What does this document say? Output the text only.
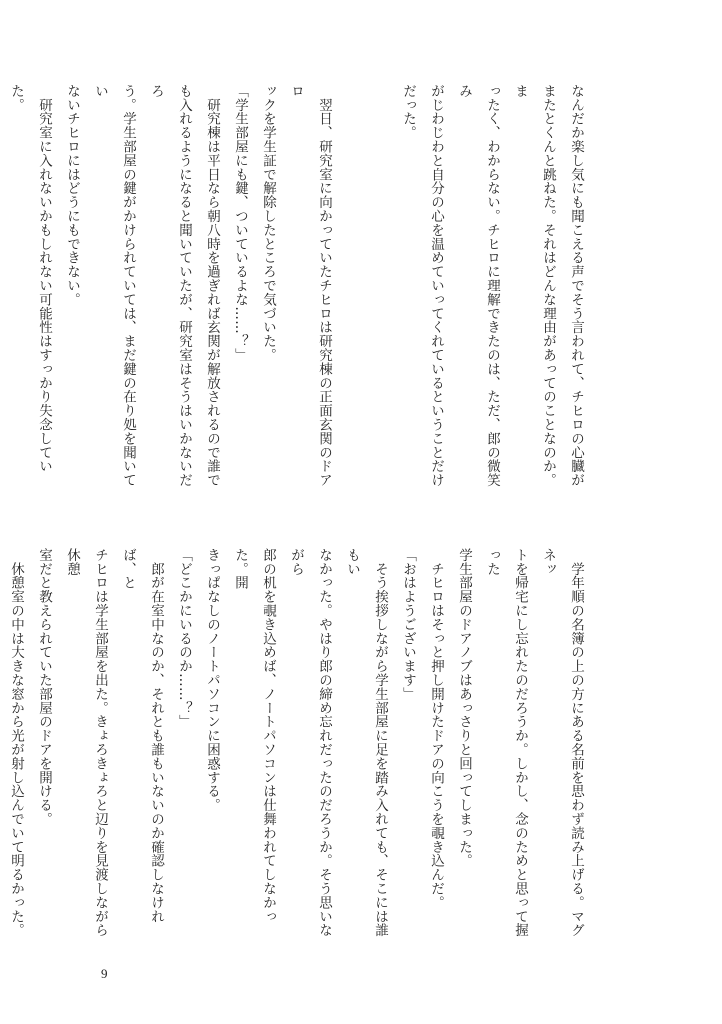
なんだか楽し気にも聞こえる声でそう言われて、チヒロの心臓が

またとくんと跳ねた。それはどんな理由があってのことなのか。ま

ったく、わからない。チヒロに理解できたのは、ただ、郎の微笑み

がじわじわと自分の心を温めていってくれているということだけ

だった。

　翌日、研究室に向かっていたチヒロは研究棟の正面玄関のドアロ

ックを学生証で解除したところで気づいた。

「学生部屋にも鍵、ついているよな……？」

　研究棟は平日なら朝八時を過ぎれば玄関が解放されるので誰で

も入れるようになると聞いていたが、研究室はそうはいかないだろ

う。学生部屋の鍵がかけられていては、まだ鍵の在り処を聞いてい

ないチヒロにはどうにもできない。

　研究室に入れないかもしれない可能性はすっかり失念していた。

　学年順の名簿の上の方にある名前を思わず読み上げる。マグネッ

トを帰宅にし忘れたのだろうか。しかし、念のためと思って握った

学生部屋のドアノブはあっさりと回ってしまった。

　チヒロはそっと押し開けたドアの向こうを覗き込んだ。

「おはようございます」

　そう挨拶しながら学生部屋に足を踏み入れても、そこには誰もい

なかった。やはり郎の締め忘れだったのだろうか。そう思いながら

郎の机を覗き込めば、ノートパソコンは仕舞われてしなかった。開

きっぱなしのノートパソコンに困惑する。

「どこかにいるのか……？」

　郎が在室中なのか、それとも誰もいないのか確認しなければ、と

チヒロは学生部屋を出た。きょろきょろと辺りを見渡しながら休憩

室だと教えられていた部屋のドアを開ける。

　休憩室の中は大きな窓から光が射し込んでいて明るかった。

9
